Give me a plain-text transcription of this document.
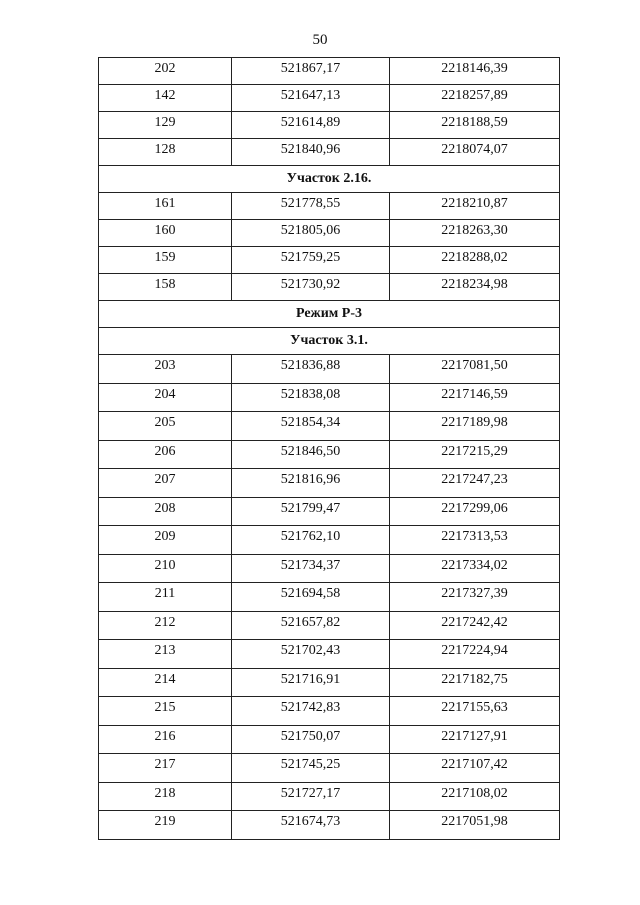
50
202	521867,17	2218146,39
142	521647,13	2218257,89
129	521614,89	2218188,59
128	521840,96	2218074,07
Участок 2.16.		
161	521778,55	2218210,87
160	521805,06	2218263,30
159	521759,25	2218288,02
158	521730,92	2218234,98
Режим Р-3		
Участок 3.1.		
203	521836,88	2217081,50
204	521838,08	2217146,59
205	521854,34	2217189,98
206	521846,50	2217215,29
207	521816,96	2217247,23
208	521799,47	2217299,06
209	521762,10	2217313,53
210	521734,37	2217334,02
211	521694,58	2217327,39
212	521657,82	2217242,42
213	521702,43	2217224,94
214	521716,91	2217182,75
215	521742,83	2217155,63
216	521750,07	2217127,91
217	521745,25	2217107,42
218	521727,17	2217108,02
219	521674,73	2217051,98
